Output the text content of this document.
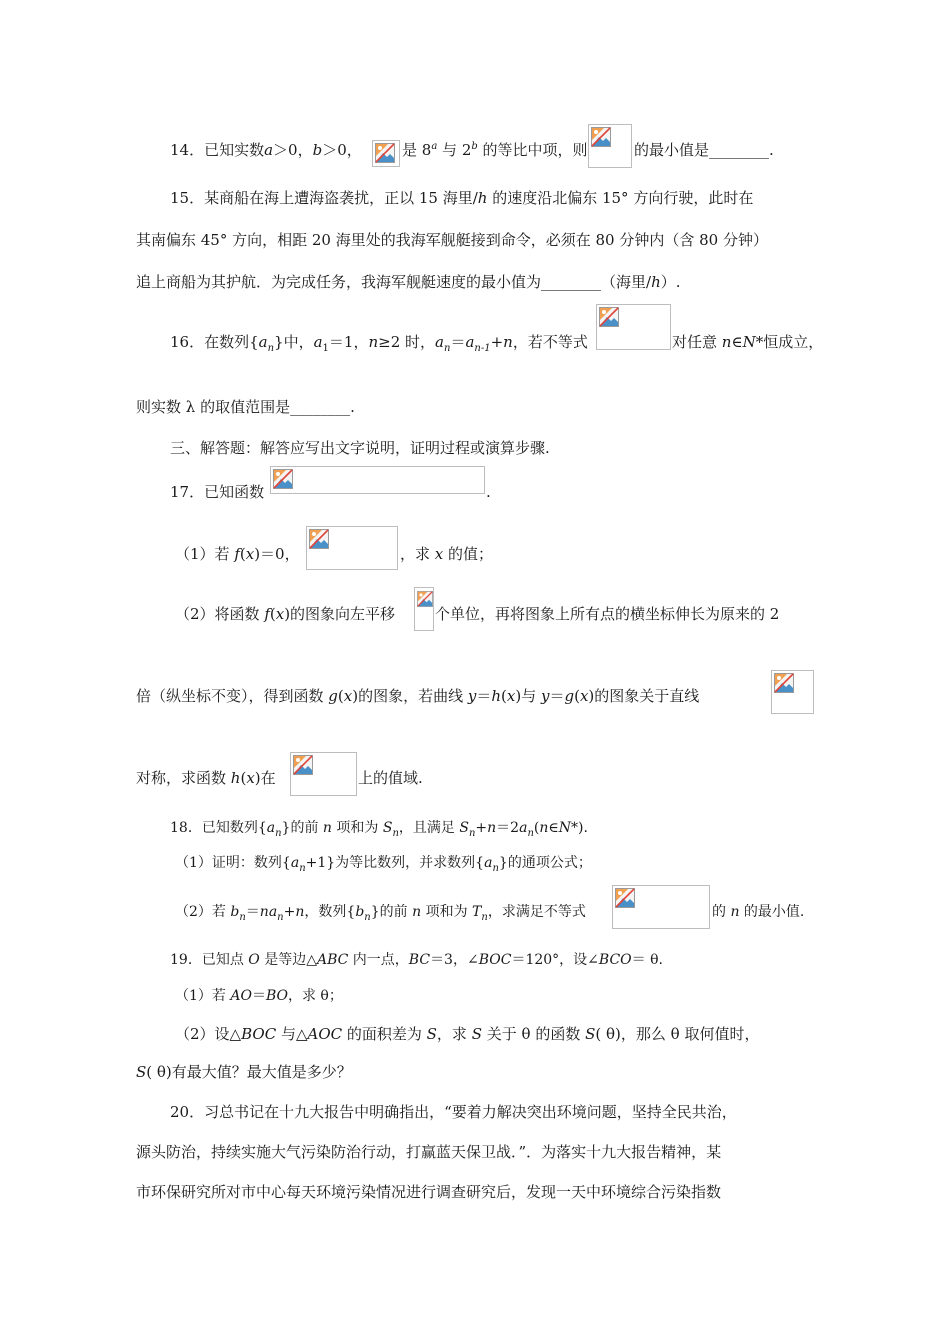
14．已知实数a＞0，b＞0，	是 8$^a$ 与 2$^b$ 的等比中项，则	的最小值是________.
15．某商船在海上遭海盗袭扰，正以 15 海里/h 的速度沿北偏东 15° 方向行驶，此时在
其南偏东 45° 方向，相距 20 海里处的我海军舰艇接到命令，必须在 80 分钟内（含 80 分钟）
追上商船为其护航．为完成任务，我海军舰艇速度的最小值为________（海里/h）.
16．在数列$\{a_n\}$中，$a_1=1$，n≥2 时，$a_n=a_{n-1}+n$，若不等式	对任意 n∈N*恒成立，
则实数 λ 的取值范围是________.
三、解答题：解答应写出文字说明，证明过程或演算步骤.
17．已知函数	.
（1）若 f(x)＝0，	，求 x 的值；
（2）将函数 f(x)的图象向左平移	个单位，再将图象上所有点的横坐标伸长为原来的 2
倍（纵坐标不变），得到函数 g(x)的图象，若曲线 y＝h(x)与 y＝g(x)的图象关于直线
对称，求函数 h(x)在	上的值域.
18．已知数列$\{a_n\}$的前 n 项和为 $S_n$，且满足 $S_n+n=2a_n(n\in N*)$.
（1）证明：数列$\{a_n+1\}$为等比数列，并求数列$\{a_n\}$的通项公式；
（2）若 $b_n=na_n+n$，数列$\{b_n\}$的前 n 项和为 $T_n$，求满足不等式	的 n 的最小值.
19．已知点 O 是等边△ABC 内一点，BC＝3，∠BOC＝120°，设∠BCO＝ θ.
（1）若 AO＝BO，求 θ；
（2）设△BOC 与△AOC 的面积差为 S，求 S 关于 θ 的函数 S( θ)，那么 θ 取何值时，
S( θ)有最大值？最大值是多少？
20．习总书记在十九大报告中明确指出，“要着力解决突出环境问题，坚持全民共治，
源头防治，持续实施大气污染防治行动，打赢蓝天保卫战．”．为落实十九大报告精神，某
市环保研究所对市中心每天环境污染情况进行调查研究后，发现一天中环境综合污染指数
